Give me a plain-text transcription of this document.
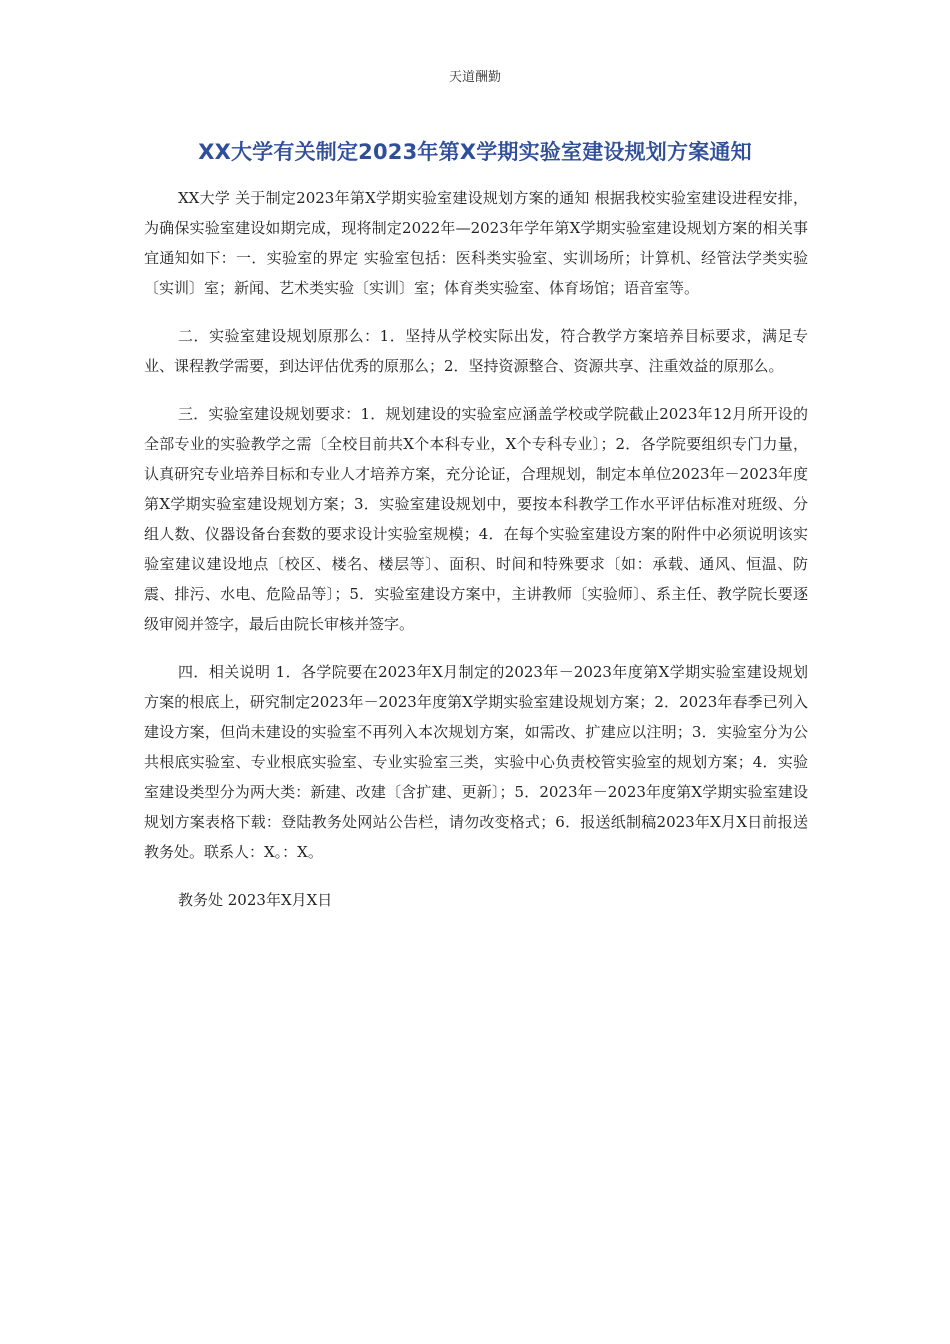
天道酬勤
XX大学有关制定2023年第X学期实验室建设规划方案通知

XX大学 关于制定2023年第X学期实验室建设规划方案的通知 根据我校实验室建设进程安排，为确保实验室建设如期完成，现将制定2022年—2023年学年第X学期实验室建设规划方案的相关事宜通知如下：一．实验室的界定 实验室包括：医科类实验室、实训场所；计算机、经管法学类实验〔实训〕室；新闻、艺术类实验〔实训〕室；体育类实验室、体育场馆；语音室等。

二．实验室建设规划原那么：1．坚持从学校实际出发，符合教学方案培养目标要求，满足专业、课程教学需要，到达评估优秀的原那么；2．坚持资源整合、资源共享、注重效益的原那么。

三．实验室建设规划要求：1．规划建设的实验室应涵盖学校或学院截止2023年12月所开设的全部专业的实验教学之需〔全校目前共X个本科专业，X个专科专业〕；2．各学院要组织专门力量，认真研究专业培养目标和专业人才培养方案，充分论证，合理规划，制定本单位2023年－2023年度第X学期实验室建设规划方案；3．实验室建设规划中，要按本科教学工作水平评估标准对班级、分组人数、仪器设备台套数的要求设计实验室规模；4．在每个实验室建设方案的附件中必须说明该实验室建议建设地点〔校区、楼名、楼层等〕、面积、时间和特殊要求〔如：承载、通风、恒温、防震、排污、水电、危险品等〕；5．实验室建设方案中，主讲教师〔实验师〕、系主任、教学院长要逐级审阅并签字，最后由院长审核并签字。

四．相关说明 1．各学院要在2023年X月制定的2023年－2023年度第X学期实验室建设规划方案的根底上，研究制定2023年－2023年度第X学期实验室建设规划方案；2．2023年春季已列入建设方案，但尚未建设的实验室不再列入本次规划方案，如需改、扩建应以注明；3．实验室分为公共根底实验室、专业根底实验室、专业实验室三类，实验中心负责校管实验室的规划方案；4．实验室建设类型分为两大类：新建、改建〔含扩建、更新〕；5．2023年－2023年度第X学期实验室建设规划方案表格下载：登陆教务处网站公告栏，请勿改变格式；6．报送纸制稿2023年X月X日前报送教务处。联系人：X。：X。

教务处 2023年X月X日
